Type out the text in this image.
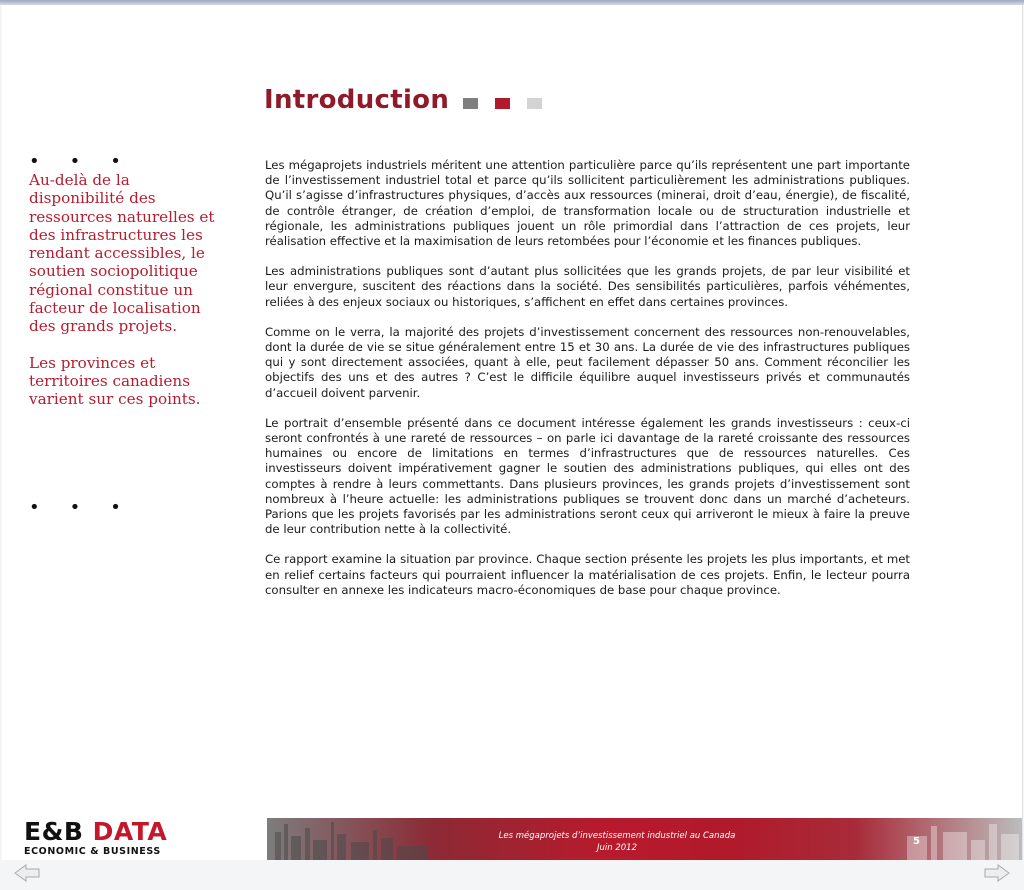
Introduction
•••

Au-delà de la disponibilité des ressources naturelles et des infrastructures les rendant accessibles, le soutien sociopolitique régional constitue un facteur de localisation des grands projets.

Les provinces et territoires canadiens varient sur ces points.

•••

Les mégaprojets industriels méritent une attention particulière parce qu’ils représentent une part importante de l’investissement industriel total et parce qu’ils sollicitent particulièrement les administrations publiques. Qu’il s’agisse d’infrastructures physiques, d’accès aux ressources (minerai, droit d’eau, énergie), de fiscalité, de contrôle étranger, de création d’emploi, de transformation locale ou de structuration industrielle et régionale, les administrations publiques jouent un rôle primordial dans l’attraction de ces projets, leur réalisation effective et la maximisation de leurs retombées pour l’économie et les finances publiques.

Les administrations publiques sont d’autant plus sollicitées que les grands projets, de par leur visibilité et leur envergure, suscitent des réactions dans la société. Des sensibilités particulières, parfois véhémentes, reliées à des enjeux sociaux ou historiques, s’affichent en effet dans certaines provinces.

Comme on le verra, la majorité des projets d’investissement concernent des ressources non-renouvelables, dont la durée de vie se situe généralement entre 15 et 30 ans. La durée de vie des infrastructures publiques qui y sont directement associées, quant à elle, peut facilement dépasser 50 ans. Comment réconcilier les objectifs des uns et des autres ? C’est le difficile équilibre auquel investisseurs privés et communautés d’accueil doivent parvenir.

Le portrait d’ensemble présenté dans ce document intéresse également les grands investisseurs : ceux-ci seront confrontés à une rareté de ressources – on parle ici davantage de la rareté croissante des ressources humaines ou encore de limitations en termes d’infrastructures que de ressources naturelles. Ces investisseurs doivent impérativement gagner le soutien des administrations publiques, qui elles ont des comptes à rendre à leurs commettants. Dans plusieurs provinces, les grands projets d’investissement sont nombreux à l’heure actuelle: les administrations publiques se trouvent donc dans un marché d’acheteurs. Parions que les projets favorisés par les administrations seront ceux qui arriveront le mieux à faire la preuve de leur contribution nette à la collectivité.

Ce rapport examine la situation par province. Chaque section présente les projets les plus importants, et met en relief certains facteurs qui pourraient influencer la matérialisation de ces projets. Enfin, le lecteur pourra consulter en annexe les indicateurs macro-économiques de base pour chaque province.

E&B DATA
ECONOMIC & BUSINESS
Les mégaprojets d’investissement industriel au Canada
Juin 2012
5
